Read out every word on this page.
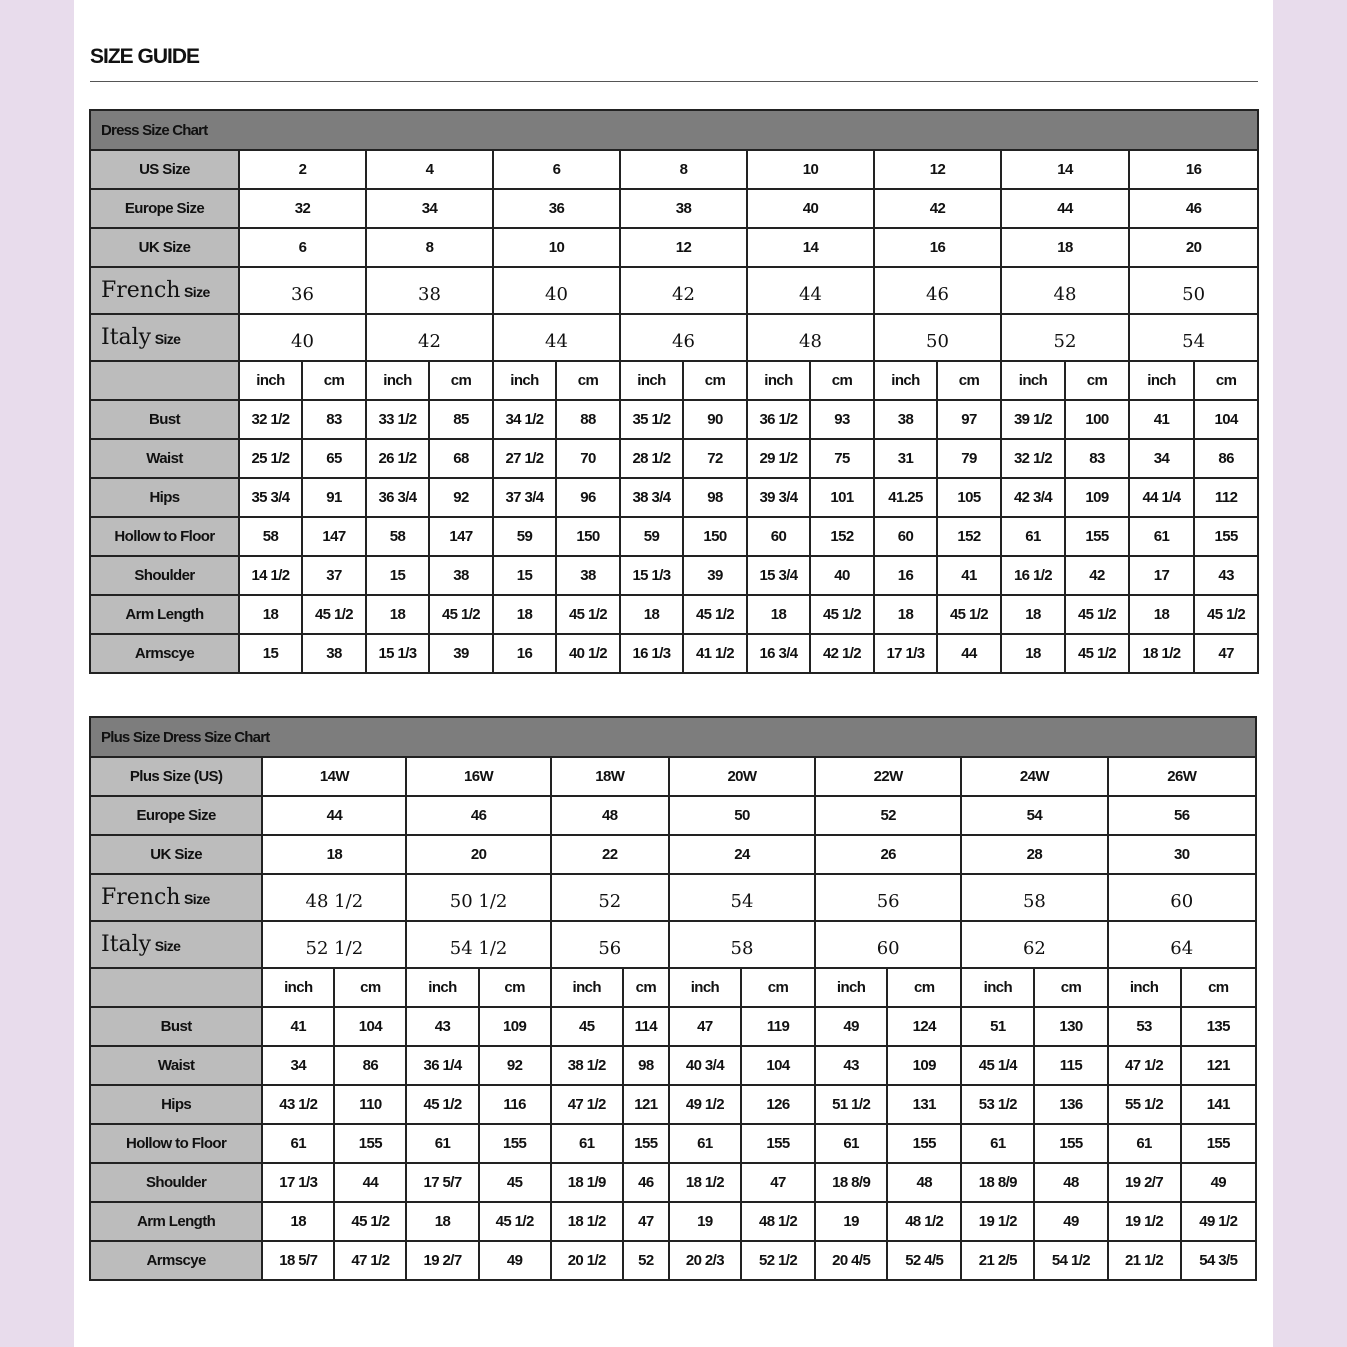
SIZE GUIDE
Dress Size Chart																
US Size	2		4		6		8		10		12		14		16	
Europe Size	32		34		36		38		40		42		44		46	
UK Size	6		8		10		12		14		16		18		20	
French Size	36		38		40		42		44		46		48		50	
Italy Size	40		42		44		46		48		50		52		54	
	inch	cm	inch	cm	inch	cm	inch	cm	inch	cm	inch	cm	inch	cm	inch	cm
Bust	32 1/2	83	33 1/2	85	34 1/2	88	35 1/2	90	36 1/2	93	38	97	39 1/2	100	41	104
Waist	25 1/2	65	26 1/2	68	27 1/2	70	28 1/2	72	29 1/2	75	31	79	32 1/2	83	34	86
Hips	35 3/4	91	36 3/4	92	37 3/4	96	38 3/4	98	39 3/4	101	41.25	105	42 3/4	109	44 1/4	112
Hollow to Floor	58	147	58	147	59	150	59	150	60	152	60	152	61	155	61	155
Shoulder	14 1/2	37	15	38	15	38	15 1/3	39	15 3/4	40	16	41	16 1/2	42	17	43
Arm Length	18	45 1/2	18	45 1/2	18	45 1/2	18	45 1/2	18	45 1/2	18	45 1/2	18	45 1/2	18	45 1/2
Armscye	15	38	15 1/3	39	16	40 1/2	16 1/3	41 1/2	16 3/4	42 1/2	17 1/3	44	18	45 1/2	18 1/2	47
Plus Size Dress Size Chart														
Plus Size (US)	14W		16W		18W		20W		22W		24W		26W	
Europe Size	44		46		48		50		52		54		56	
UK Size	18		20		22		24		26		28		30	
French Size	48 1/2		50 1/2		52		54		56		58		60	
Italy Size	52 1/2		54 1/2		56		58		60		62		64	
	inch	cm	inch	cm	inch	cm	inch	cm	inch	cm	inch	cm	inch	cm
Bust	41	104	43	109	45	114	47	119	49	124	51	130	53	135
Waist	34	86	36 1/4	92	38 1/2	98	40 3/4	104	43	109	45 1/4	115	47 1/2	121
Hips	43 1/2	110	45 1/2	116	47 1/2	121	49 1/2	126	51 1/2	131	53 1/2	136	55 1/2	141
Hollow to Floor	61	155	61	155	61	155	61	155	61	155	61	155	61	155
Shoulder	17 1/3	44	17 5/7	45	18 1/9	46	18 1/2	47	18 8/9	48	18 8/9	48	19 2/7	49
Arm Length	18	45 1/2	18	45 1/2	18 1/2	47	19	48 1/2	19	48 1/2	19 1/2	49	19 1/2	49 1/2
Armscye	18 5/7	47 1/2	19 2/7	49	20 1/2	52	20 2/3	52 1/2	20 4/5	52 4/5	21 2/5	54 1/2	21 1/2	54 3/5
